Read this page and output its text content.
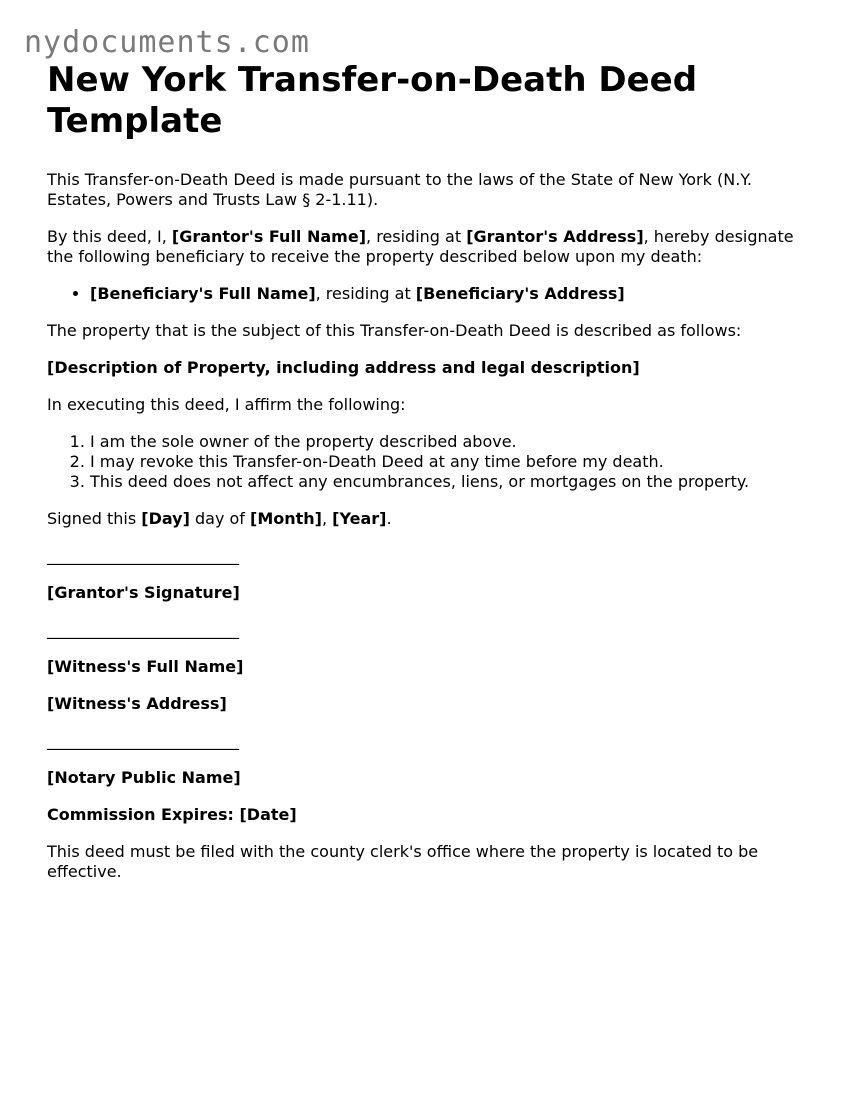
nydocuments.com
New York Transfer-on-Death Deed Template

This Transfer-on-Death Deed is made pursuant to the laws of the State of New York (N.Y. Estates, Powers and Trusts Law § 2-1.11).

By this deed, I, [Grantor's Full Name], residing at [Grantor's Address], hereby designate the following beneficiary to receive the property described below upon my death:

• [Beneficiary's Full Name], residing at [Beneficiary's Address]

The property that is the subject of this Transfer-on-Death Deed is described as follows:

[Description of Property, including address and legal description]

In executing this deed, I affirm the following:

1. I am the sole owner of the property described above.
2. I may revoke this Transfer-on-Death Deed at any time before my death.
3. This deed does not affect any encumbrances, liens, or mortgages on the property.

Signed this [Day] day of [Month], [Year].

________________________

[Grantor's Signature]

________________________

[Witness's Full Name]

[Witness's Address]

________________________

[Notary Public Name]

Commission Expires: [Date]

This deed must be filed with the county clerk's office where the property is located to be effective.
